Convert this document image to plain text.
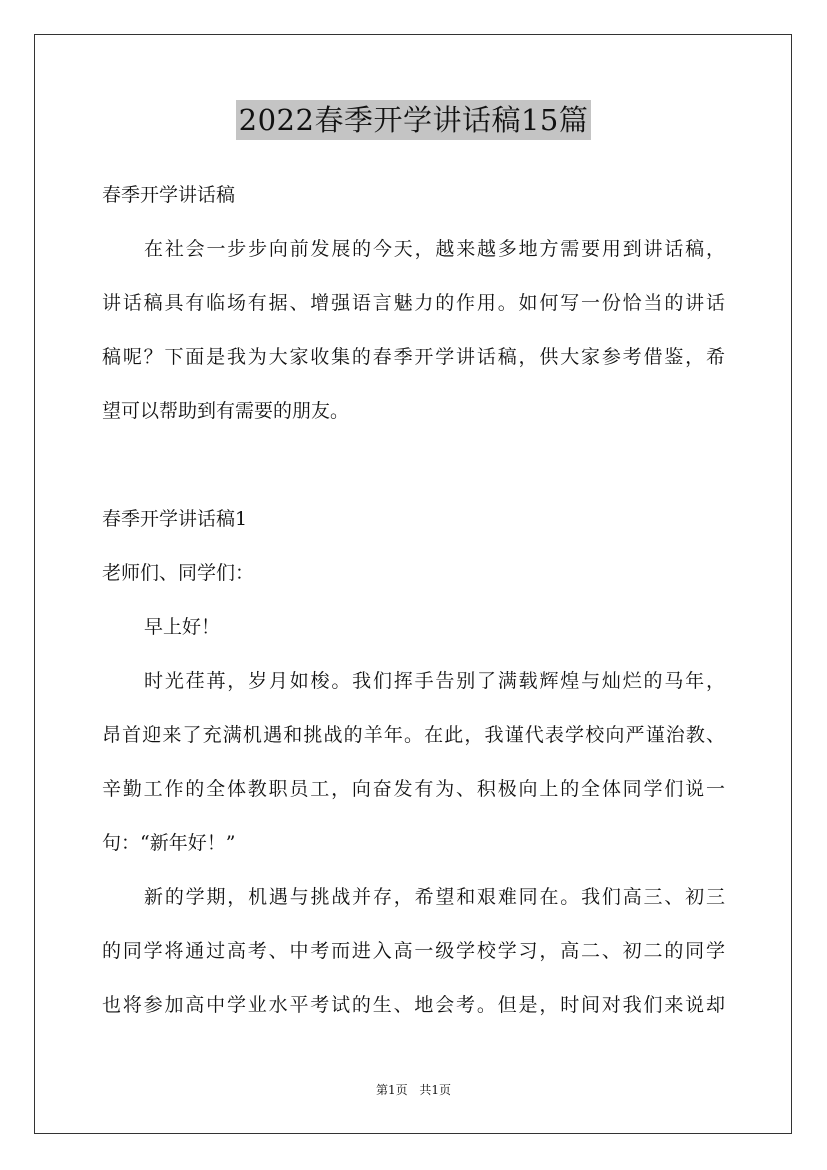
2022春季开学讲话稿15篇
春季开学讲话稿
在社会一步步向前发展的今天，越来越多地方需要用到讲话稿，
讲话稿具有临场有据、增强语言魅力的作用。如何写一份恰当的讲话
稿呢？下面是我为大家收集的春季开学讲话稿，供大家参考借鉴，希
望可以帮助到有需要的朋友。
春季开学讲话稿1
老师们、同学们：
早上好！
时光荏苒，岁月如梭。我们挥手告别了满载辉煌与灿烂的马年，
昂首迎来了充满机遇和挑战的羊年。在此，我谨代表学校向严谨治教、
辛勤工作的全体教职员工，向奋发有为、积极向上的全体同学们说一
句：“新年好！”
新的学期，机遇与挑战并存，希望和艰难同在。我们高三、初三
的同学将通过高考、中考而进入高一级学校学习，高二、初二的同学
也将参加高中学业水平考试的生、地会考。但是，时间对我们来说却
第1页 共1页
